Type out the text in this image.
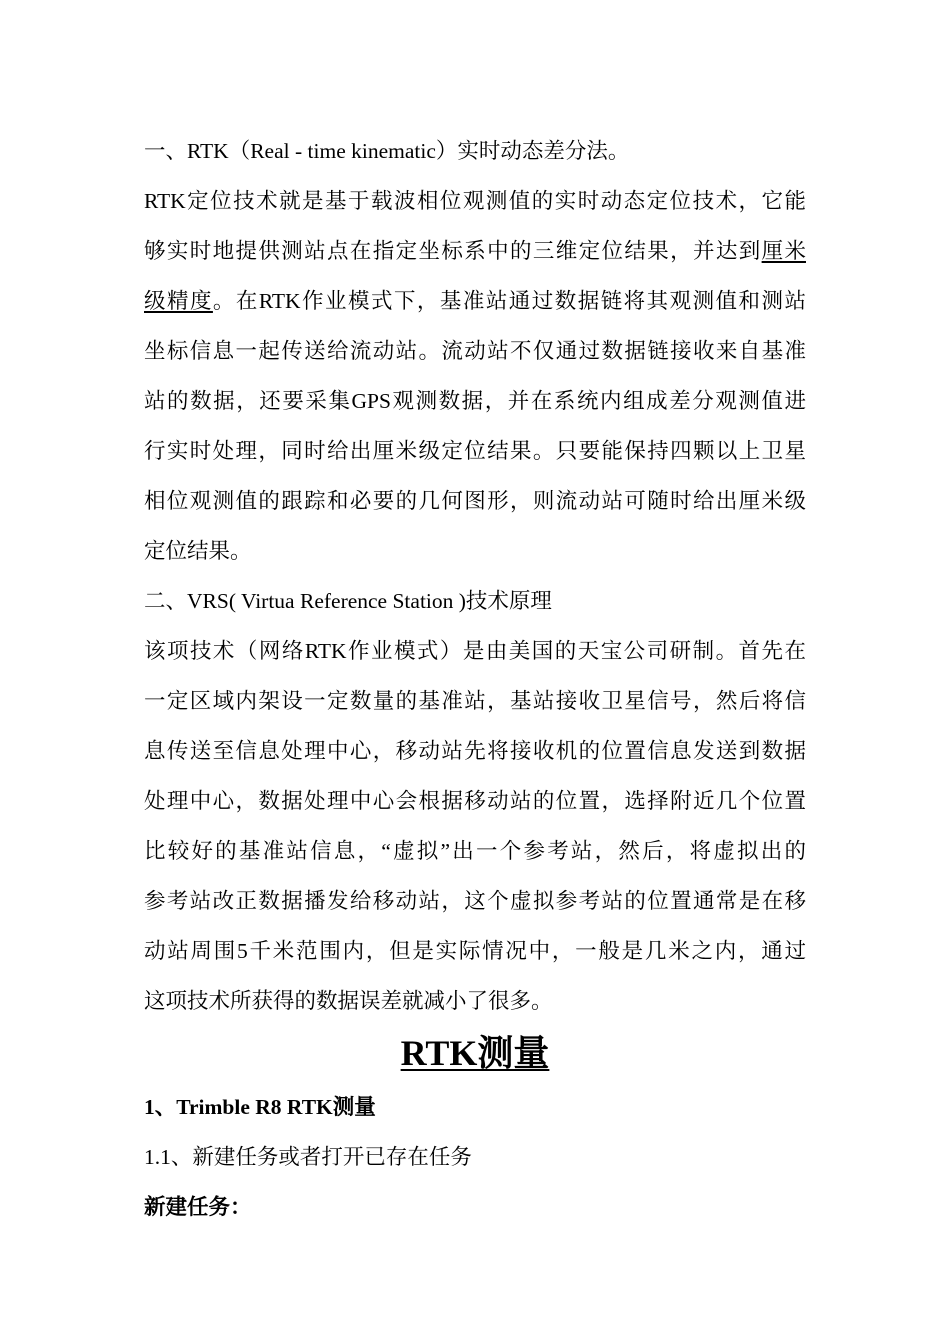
一、RTK（Real - time kinematic）实时动态差分法。
RTK定位技术就是基于载波相位观测值的实时动态定位技术，它能
够实时地提供测站点在指定坐标系中的三维定位结果，并达到厘米
级精度。在RTK作业模式下，基准站通过数据链将其观测值和测站
坐标信息一起传送给流动站。流动站不仅通过数据链接收来自基准
站的数据，还要采集GPS观测数据，并在系统内组成差分观测值进
行实时处理，同时给出厘米级定位结果。只要能保持四颗以上卫星
相位观测值的跟踪和必要的几何图形，则流动站可随时给出厘米级
定位结果。
二、VRS( Virtua Reference Station )技术原理
该项技术（网络RTK作业模式）是由美国的天宝公司研制。首先在
一定区域内架设一定数量的基准站，基站接收卫星信号，然后将信
息传送至信息处理中心，移动站先将接收机的位置信息发送到数据
处理中心，数据处理中心会根据移动站的位置，选择附近几个位置
比较好的基准站信息，“虚拟”出一个参考站，然后，将虚拟出的
参考站改正数据播发给移动站，这个虚拟参考站的位置通常是在移
动站周围5千米范围内，但是实际情况中，一般是几米之内，通过
这项技术所获得的数据误差就减小了很多。
RTK测量
1、Trimble R8 RTK测量
1.1、新建任务或者打开已存在任务
新建任务：
